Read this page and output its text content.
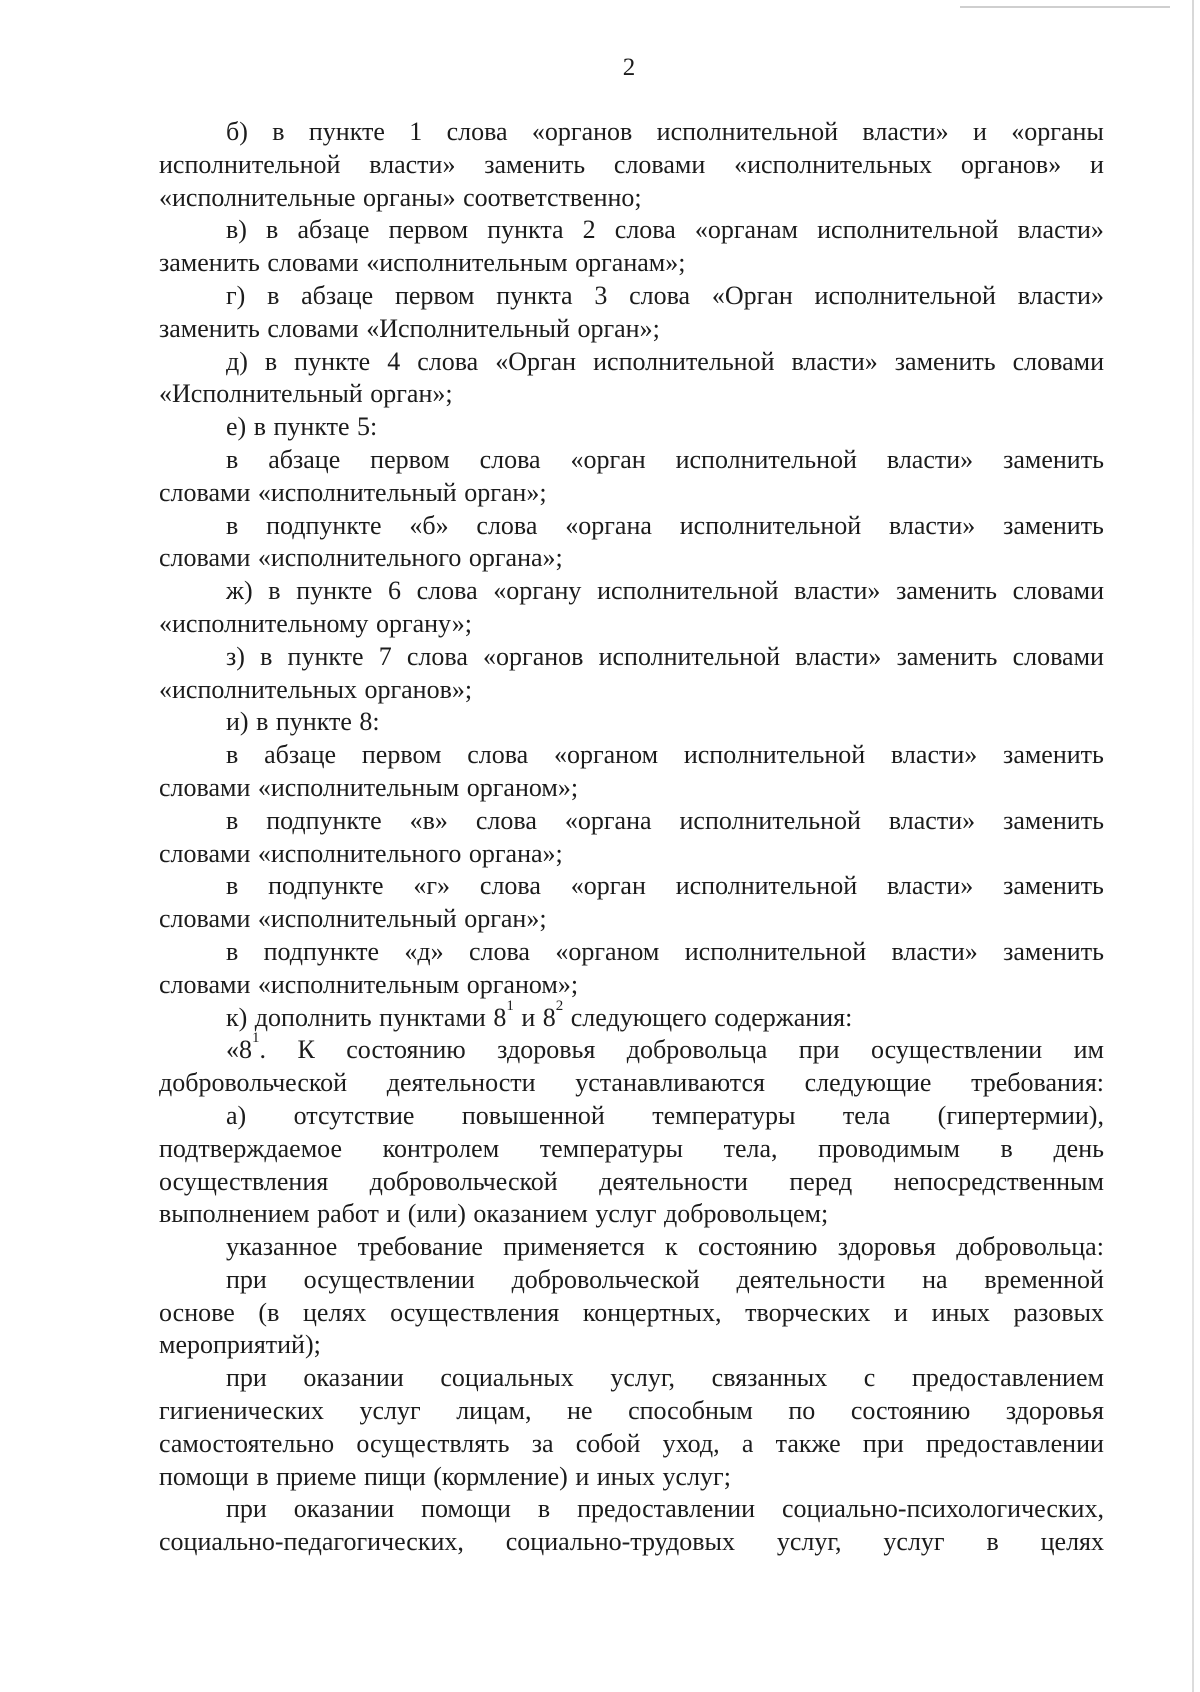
2
б) в пункте 1 слова «органов исполнительной власти» и «органы
исполнительной власти» заменить словами «исполнительных органов» и
«исполнительные
органы»
соответственно;
в) в абзаце первом пункта 2 слова «органам исполнительной власти»
заменить
словами
«исполнительным
органам»;
г) в абзаце первом пункта 3 слова «Орган исполнительной власти»
заменить
словами
«Исполнительный
орган»;
д) в пункте 4 слова «Орган исполнительной власти» заменить словами
«Исполнительный
орган»;
е)
в
пункте
5:
в абзаце первом слова «орган исполнительной власти» заменить
словами
«исполнительный
орган»;
в подпункте «б» слова «органа исполнительной власти» заменить
словами
«исполнительного
органа»;
ж) в пункте 6 слова «органу исполнительной власти» заменить словами
«исполнительному
органу»;
з) в пункте 7 слова «органов исполнительной власти» заменить словами
«исполнительных
органов»;
и)
в
пункте
8:
в абзаце первом слова «органом исполнительной власти» заменить
словами
«исполнительным
органом»;
в подпункте «в» слова «органа исполнительной власти» заменить
словами
«исполнительного
органа»;
в подпункте «г» слова «орган исполнительной власти» заменить
словами
«исполнительный
орган»;
в подпункте «д» слова «органом исполнительной власти» заменить
словами
«исполнительным
органом»;
к)
дополнить
пунктами
$8^1$
и
$8^2$
следующего
содержания:
«$8^1$. К состоянию здоровья добровольца при осуществлении им
добровольческой деятельности устанавливаются следующие требования:
а) отсутствие повышенной температуры тела (гипертермии),
подтверждаемое контролем температуры тела, проводимым в день
осуществления добровольческой деятельности перед непосредственным
выполнением
работ
и
(или)
оказанием
услуг
добровольцем;
указанное требование применяется к состоянию здоровья добровольца:
при осуществлении добровольческой деятельности на временной
основе (в целях осуществления концертных, творческих и иных разовых
мероприятий);
при оказании социальных услуг, связанных с предоставлением
гигиенических услуг лицам, не способным по состоянию здоровья
самостоятельно осуществлять за собой уход, а также при предоставлении
помощи
в
приеме
пищи
(кормление)
и
иных
услуг;
при оказании помощи в предоставлении социально-психологических,
социально-педагогических, социально-трудовых услуг, услуг в целях
